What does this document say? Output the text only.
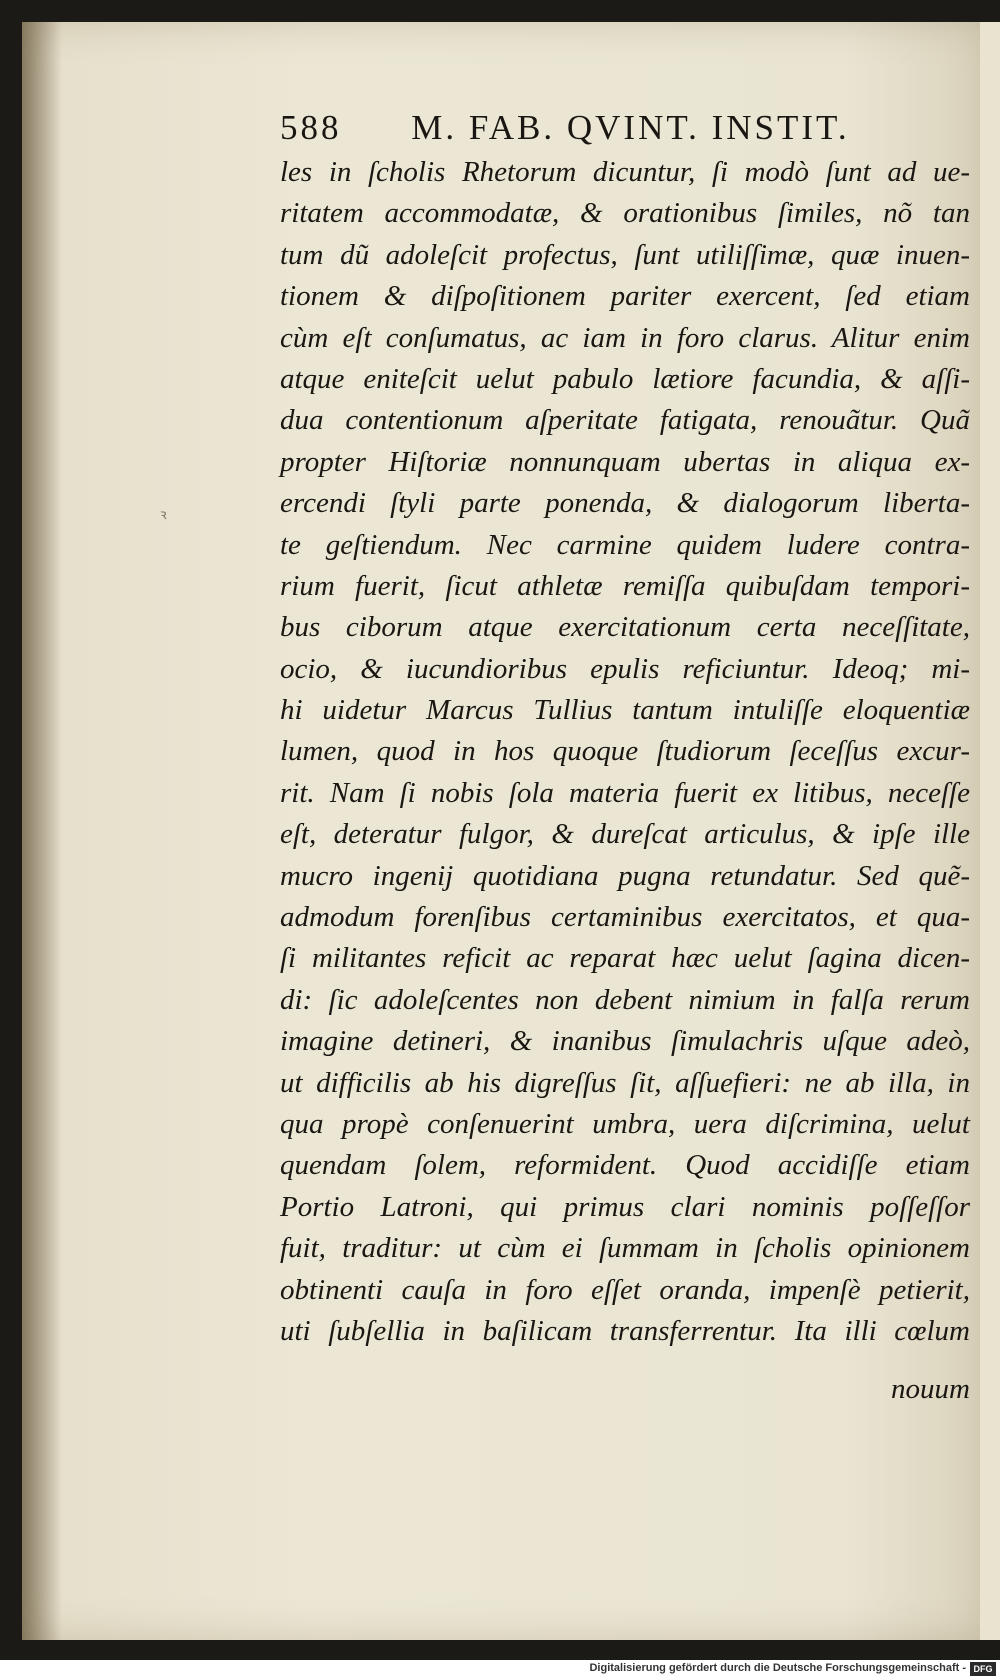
588 M. FAB. QVINT. INSTIT.
ꝛ
les in ſcholis Rhetorum dicuntur, ſi modò ſunt ad ue-
ritatem accommodatæ, & orationibus ſimiles, nõ tan
tum dũ adoleſcit profectus, ſunt utiliſſimæ, quæ inuen-
tionem & diſpoſitionem pariter exercent, ſed etiam
cùm eſt conſumatus, ac iam in foro clarus. Alitur enim
atque eniteſcit uelut pabulo lætiore facundia, & aſſi-
dua contentionum aſperitate fatigata, renouãtur. Quã
propter Hiſtoriæ nonnunquam ubertas in aliqua ex-
ercendi ſtyli parte ponenda, & dialogorum liberta-
te geſtiendum. Nec carmine quidem ludere contra-
rium fuerit, ſicut athletæ remiſſa quibuſdam tempori-
bus ciborum atque exercitationum certa neceſſitate,
ocio, & iucundioribus epulis reficiuntur. Ideoq; mi-
hi uidetur Marcus Tullius tantum intuliſſe eloquentiæ
lumen, quod in hos quoque ſtudiorum ſeceſſus excur-
rit. Nam ſi nobis ſola materia fuerit ex litibus, neceſſe
eſt, deteratur fulgor, & dureſcat articulus, & ipſe ille
mucro ingenij quotidiana pugna retundatur. Sed quẽ-
admodum forenſibus certaminibus exercitatos, et qua-
ſi militantes reficit ac reparat hæc uelut ſagina dicen-
di: ſic adoleſcentes non debent nimium in falſa rerum
imagine detineri, & inanibus ſimulachris uſque adeò,
ut difficilis ab his digreſſus ſit, aſſuefieri: ne ab illa, in
qua propè conſenuerint umbra, uera diſcrimina, uelut
quendam ſolem, reformident. Quod accidiſſe etiam
Portio Latroni, qui primus clari nominis poſſeſſor
fuit, traditur: ut cùm ei ſummam in ſcholis opinionem
obtinenti cauſa in foro eſſet oranda, impenſè petierit,
uti ſubſellia in baſilicam transferrentur. Ita illi cœlum
nouum
Digitalisierung gefördert durch die Deutsche Forschungsgemeinschaft - DFG
